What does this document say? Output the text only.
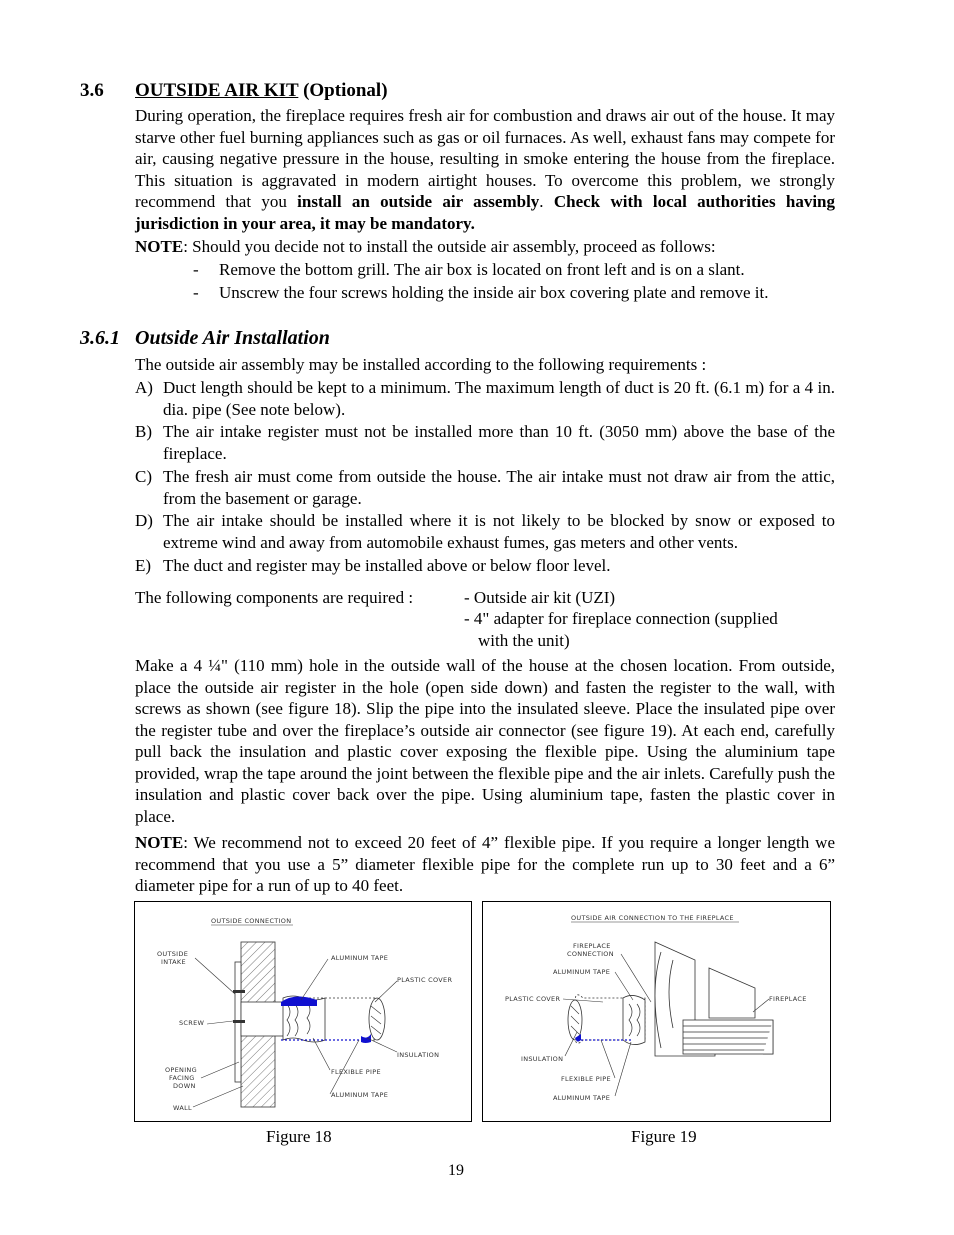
3.6 OUTSIDE AIR KIT (Optional)
During operation, the fireplace requires fresh air for combustion and draws air out of the house. It may starve other fuel burning appliances such as gas or oil furnaces. As well, exhaust fans may compete for air, causing negative pressure in the house, resulting in smoke entering the house from the fireplace. This situation is aggravated in modern airtight houses. To overcome this problem, we strongly recommend that you install an outside air assembly. Check with local authorities having jurisdiction in your area, it may be mandatory.
NOTE: Should you decide not to install the outside air assembly, proceed as follows:
- Remove the bottom grill. The air box is located on front left and is on a slant.
- Unscrew the four screws holding the inside air box covering plate and remove it.
3.6.1 Outside Air Installation
The outside air assembly may be installed according to the following requirements :
A) Duct length should be kept to a minimum. The maximum length of duct is 20 ft. (6.1 m) for a 4 in. dia. pipe (See note below).
B) The air intake register must not be installed more than 10 ft. (3050 mm) above the base of the fireplace.
C) The fresh air must come from outside the house. The air intake must not draw air from the attic, from the basement or garage.
D) The air intake should be installed where it is not likely to be blocked by snow or exposed to extreme wind and away from automobile exhaust fumes, gas meters and other vents.
E) The duct and register may be installed above or below floor level.
The following components are required :	- Outside air kit (UZI)
- 4" adapter for fireplace connection (supplied
with the unit)
Make a 4 ¼" (110 mm) hole in the outside wall of the house at the chosen location. From outside, place the outside air register in the hole (open side down) and fasten the register to the wall, with screws as shown (see figure 18). Slip the pipe into the insulated sleeve. Place the insulated pipe over the register tube and over the fireplace’s outside air connector (see figure 19). At each end, carefully pull back the insulation and plastic cover exposing the flexible pipe. Using the aluminium tape provided, wrap the tape around the joint between the flexible pipe and the air inlets. Carefully push the insulation and plastic cover back over the pipe. Using aluminium tape, fasten the plastic cover in place.
NOTE: We recommend not to exceed 20 feet of 4” flexible pipe. If you require a longer length we recommend that you use a 5” diameter flexible pipe for the complete run up to 30 feet and a 6” diameter pipe for a run of up to 40 feet.
OUTSIDE CONNECTION
OUTSIDE
INTAKE	ALUMINUM TAPE
PLASTIC COVER
SCREW
INSULATION
OPENING
FACING
DOWN
FLEXIBLE PIPE
ALUMINUM TAPE
WALL
OUTSIDE AIR CONNECTION TO THE FIREPLACE
FIREPLACE
CONNECTION
ALUMINUM TAPE
PLASTIC COVER	FIREPLACE
INSULATION
FLEXIBLE PIPE
ALUMINUM TAPE
Figure 18	Figure 19
19
